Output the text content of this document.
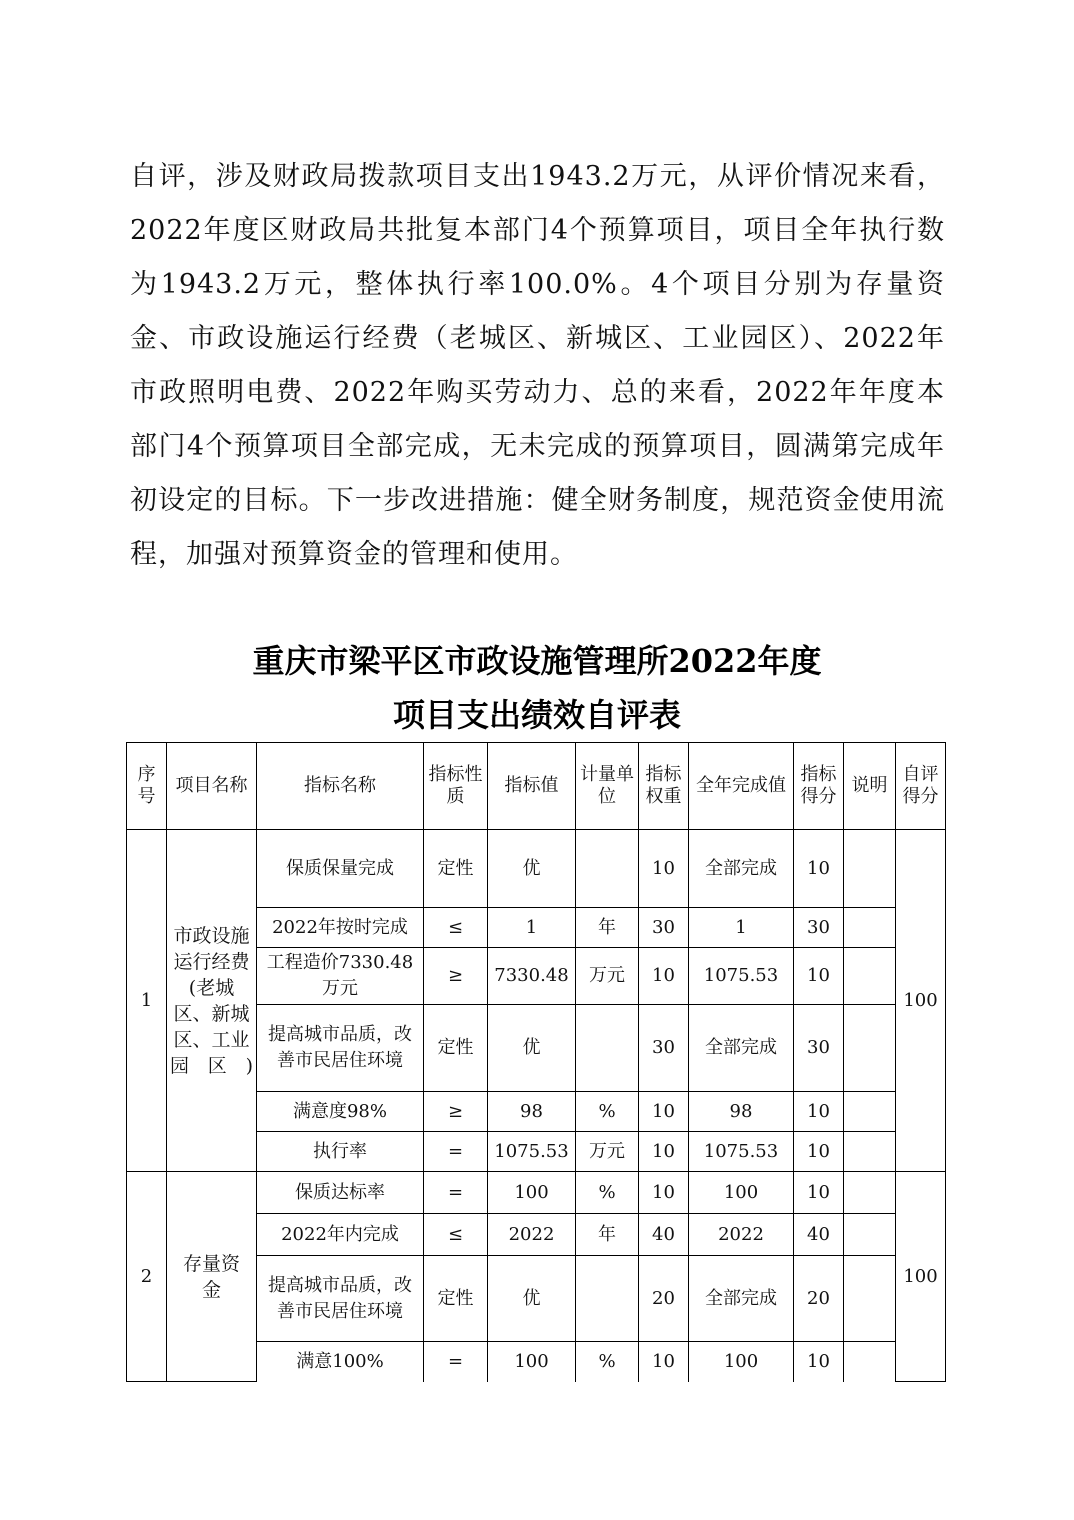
自评，涉及财政局拨款项目支出1943.2万元，从评价情况来看，2022年度区财政局共批复本部门4个预算项目，项目全年执行数为1943.2万元，整体执行率100.0%。4个项目分别为存量资金、市政设施运行经费（老城区、新城区、工业园区）、2022年市政照明电费、2022年购买劳动力、总的来看，2022年年度本部门4个预算项目全部完成，无未完成的预算项目，圆满第完成年初设定的目标。下一步改进措施：健全财务制度，规范资金使用流程，加强对预算资金的管理和使用。
重庆市梁平区市政设施管理所2022年度
项目支出绩效自评表
序号	项目名称	指标名称	指标性质	指标值	计量单位	指标权重	全年完成值	指标得分	说明	自评得分
1	市政设施运行经费(老城区、新城区、工业园区)	保质保量完成	定性	优		10	全部完成	10		100
		2022年按时完成	≤	1	年	30	1	30		
		工程造价7330.48万元	≥	7330.48	万元	10	1075.53	10		
		提高城市品质，改善市民居住环境	定性	优		30	全部完成	30		
		满意度98%	≥	98	%	10	98	10		
		执行率	=	1075.53	万元	10	1075.53	10		
2	存量资金	保质达标率	=	100	%	10	100	10		100
		2022年内完成	≤	2022	年	40	2022	40		
		提高城市品质，改善市民居住环境	定性	优		20	全部完成	20		
		满意100%	=	100	%	10	100	10		
